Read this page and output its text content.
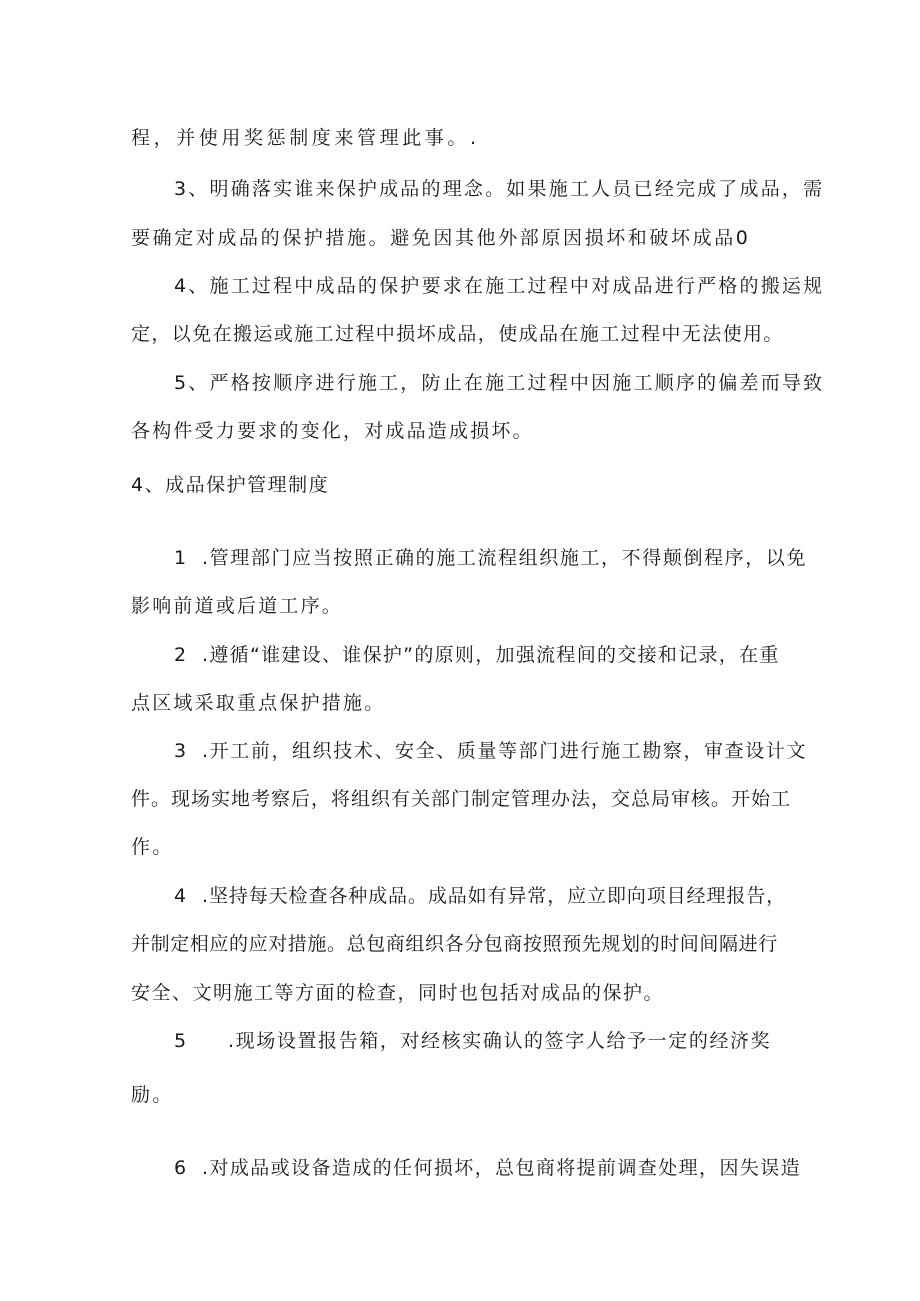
程，并使用奖惩制度来管理此事。.
3、明确落实谁来保护成品的理念。如果施工人员已经完成了成品，需
要确定对成品的保护措施。避免因其他外部原因损坏和破坏成品0
4、施工过程中成品的保护要求在施工过程中对成品进行严格的搬运规
定，以免在搬运或施工过程中损坏成品，使成品在施工过程中无法使用。
5、严格按顺序进行施工，防止在施工过程中因施工顺序的偏差而导致
各构件受力要求的变化，对成品造成损坏。
4、成品保护管理制度
1 .管理部门应当按照正确的施工流程组织施工，不得颠倒程序，以免
影响前道或后道工序。
2 .遵循“谁建设、谁保护”的原则，加强流程间的交接和记录，在重
点区域采取重点保护措施。
3 .开工前，组织技术、安全、质量等部门进行施工勘察，审查设计文
件。现场实地考察后，将组织有关部门制定管理办法，交总局审核。开始工
作。
4 .坚持每天检查各种成品。成品如有异常，应立即向项目经理报告，
并制定相应的应对措施。总包商组织各分包商按照预先规划的时间间隔进行
安全、文明施工等方面的检查，同时也包括对成品的保护。
5 .现场设置报告箱，对经核实确认的签字人给予一定的经济奖
励。
6 .对成品或设备造成的任何损坏，总包商将提前调查处理，因失误造
